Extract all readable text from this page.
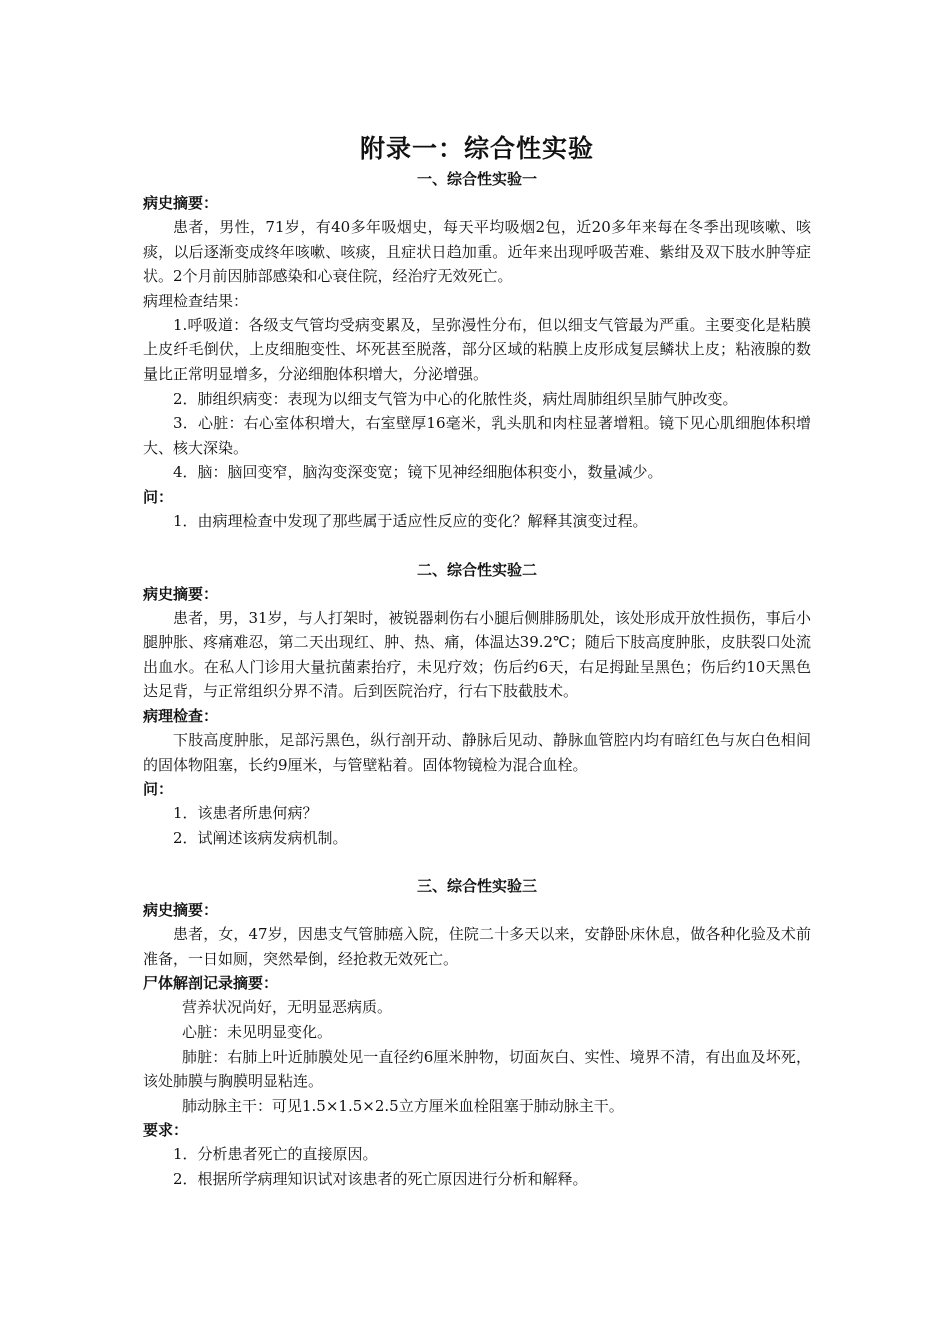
附录一：综合性实验
一、综合性实验一
病史摘要：

患者，男性，71岁，有40多年吸烟史，每天平均吸烟2包，近20多年来每在冬季出现咳嗽、咳痰，以后逐渐变成终年咳嗽、咳痰，且症状日趋加重。近年来出现呼吸苦难、紫绀及双下肢水肿等症状。2个月前因肺部感染和心衰住院，经治疗无效死亡。

病理检查结果：

1.呼吸道：各级支气管均受病变累及，呈弥漫性分布，但以细支气管最为严重。主要变化是粘膜上皮纤毛倒伏，上皮细胞变性、坏死甚至脱落，部分区域的粘膜上皮形成复层鳞状上皮；粘液腺的数量比正常明显增多，分泌细胞体积增大，分泌增强。

2．肺组织病变：表现为以细支气管为中心的化脓性炎，病灶周肺组织呈肺气肿改变。

3．心脏：右心室体积增大，右室壁厚16毫米，乳头肌和肉柱显著增粗。镜下见心肌细胞体积增大、核大深染。

4．脑：脑回变窄，脑沟变深变宽；镜下见神经细胞体积变小，数量减少。

问：

1．由病理检查中发现了那些属于适应性反应的变化？解释其演变过程。

二、综合性实验二
病史摘要：

患者，男，31岁，与人打架时，被锐器刺伤右小腿后侧腓肠肌处，该处形成开放性损伤，事后小腿肿胀、疼痛难忍，第二天出现红、肿、热、痛，体温达39.2℃；随后下肢高度肿胀，皮肤裂口处流出血水。在私人门诊用大量抗菌素抬疗，未见疗效；伤后约6天，右足拇趾呈黑色；伤后约10天黑色达足背，与正常组织分界不清。后到医院治疗，行右下肢截肢术。

病理检查：

下肢高度肿胀，足部污黑色，纵行剖开动、静脉后见动、静脉血管腔内均有暗红色与灰白色相间的固体物阻塞，长约9厘米，与管壁粘着。固体物镜检为混合血栓。

问：

1．该患者所患何病？

2．试阐述该病发病机制。

三、综合性实验三
病史摘要：

患者，女，47岁，因患支气管肺癌入院，住院二十多天以来，安静卧床休息，做各种化验及术前准备，一日如厕，突然晕倒，经抢救无效死亡。

尸体解剖记录摘要：

营养状况尚好，无明显恶病质。

心脏：未见明显变化。

肺脏：右肺上叶近肺膜处见一直径约6厘米肿物，切面灰白、实性、境界不清，有出血及坏死，该处肺膜与胸膜明显粘连。

肺动脉主干：可见1.5×1.5×2.5立方厘米血栓阻塞于肺动脉主干。

要求：

1．分析患者死亡的直接原因。

2．根据所学病理知识试对该患者的死亡原因进行分析和解释。
